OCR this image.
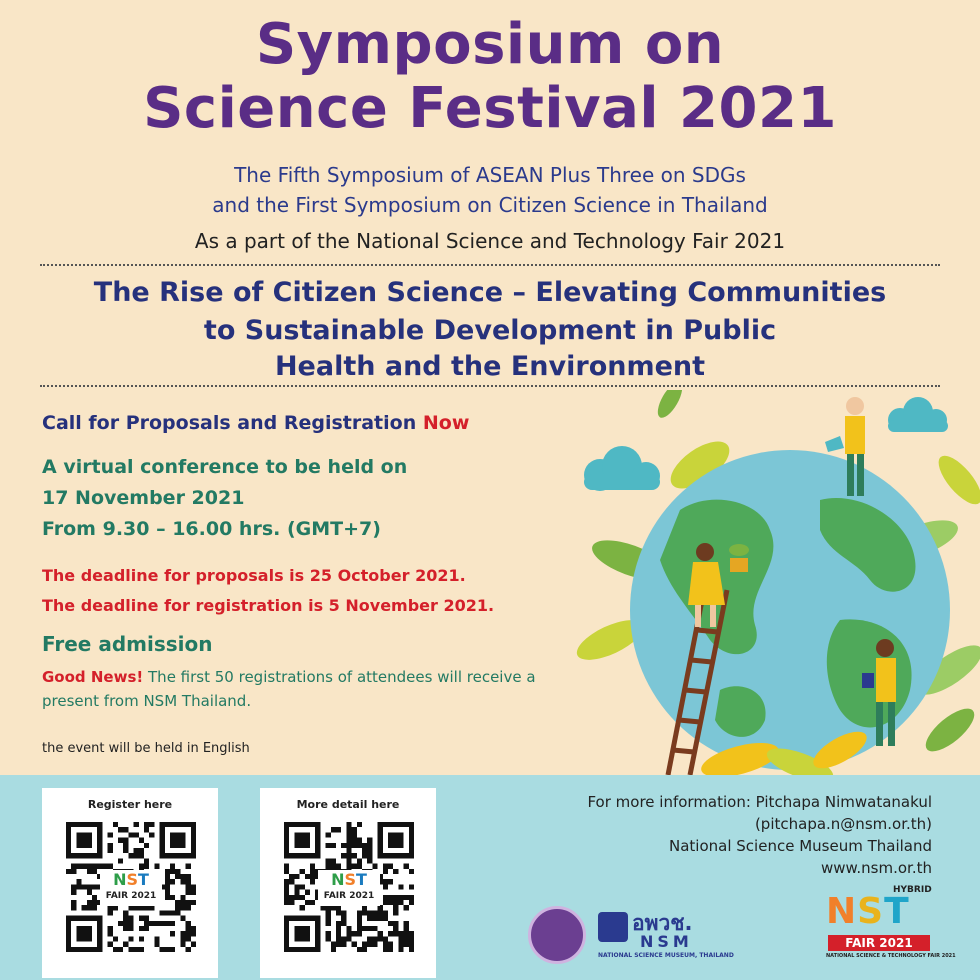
Symposium on
Science Festival 2021
The Fifth Symposium of ASEAN Plus Three on SDGs
and the First Symposium on Citizen Science in Thailand
As a part of the National Science and Technology Fair 2021
The Rise of Citizen Science – Elevating Communities
to Sustainable Development in Public
Health and the Environment
Call for Proposals and Registration Now
A virtual conference to be held on
17 November 2021
From 9.30 – 16.00 hrs. (GMT+7)
The deadline for proposals is 25 October 2021.
The deadline for registration is 5 November 2021.
Free admission
Good News! The first 50 registrations of attendees will receive a present from NSM Thailand.
the event will be held in English
Register here
NST
FAIR 2021
More detail here
NST
FAIR 2021
For more information: Pitchapa Nimwatanakul
(pitchapa.n@nsm.or.th)
National Science Museum Thailand
www.nsm.or.th
อพวช.
NSM
NATIONAL SCIENCE MUSEUM, THAILAND
HYBRID
NST
FAIR 2021
NATIONAL SCIENCE & TECHNOLOGY FAIR 2021
